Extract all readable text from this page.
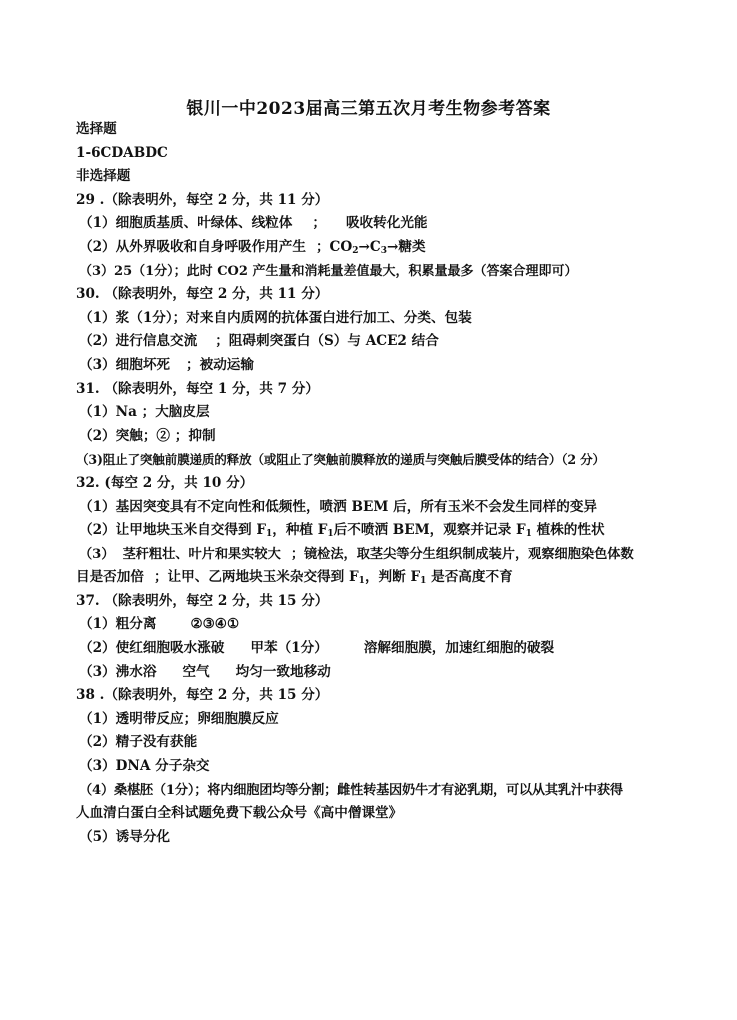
银川一中2023届高三第五次月考生物参考答案
选择题
1-6CDABDC
非选择题
29 .（除表明外，每空 2 分，共 11 分）
（1）细胞质基质、叶绿体、线粒体 ； 吸收转化光能
（2）从外界吸收和自身呼吸作用产生 ；$CO_2\to C_3\to$糖类
（3）25（1分）；此时 CO2 产生量和消耗量差值最大，积累量最多（答案合理即可）
30. （除表明外，每空 2 分，共 11 分）
（1）浆（1分）；对来自内质网的抗体蛋白进行加工、分类、包装
（2）进行信息交流 ；阻碍刺突蛋白（S）与 ACE2 结合
（3）细胞坏死 ；被动运输
31. （除表明外，每空 1 分，共 7 分）
（1）Na ；大脑皮层
（2）突触；② ；抑制
（3)阻止了突触前膜递质的释放（或阻止了突触前膜释放的递质与突触后膜受体的结合）（2 分）
32. (每空 2 分，共 10 分）
（1）基因突变具有不定向性和低频性，喷洒 BEM 后，所有玉米不会发生同样的变异
（2）让甲地块玉米自交得到 $F_1$，种植 $F_1$后不喷洒 BEM，观察并记录 $F_1$ 植株的性状
（3） 茎秆粗壮、叶片和果实较大 ；镜检法，取茎尖等分生组织制成装片，观察细胞染色体数
目是否加倍 ；让甲、乙两地块玉米杂交得到 $F_1$，判断 $F_1$ 是否高度不育
37. （除表明外，每空 2 分，共 15 分）
（1）粗分离	②③④①
（2）使红细胞吸水涨破 甲苯（1分）	溶解细胞膜，加速红细胞的破裂
（3）沸水浴 空气 均匀一致地移动
38 .（除表明外，每空 2 分，共 15 分）
（1）透明带反应；卵细胞膜反应
（2）精子没有获能
（3）DNA 分子杂交
（4）桑椹胚（1分）；将内细胞团均等分割；雌性转基因奶牛才有泌乳期，可以从其乳汁中获得
人血清白蛋白全科试题免费下载公众号《高中僧课堂》
（5）诱导分化
